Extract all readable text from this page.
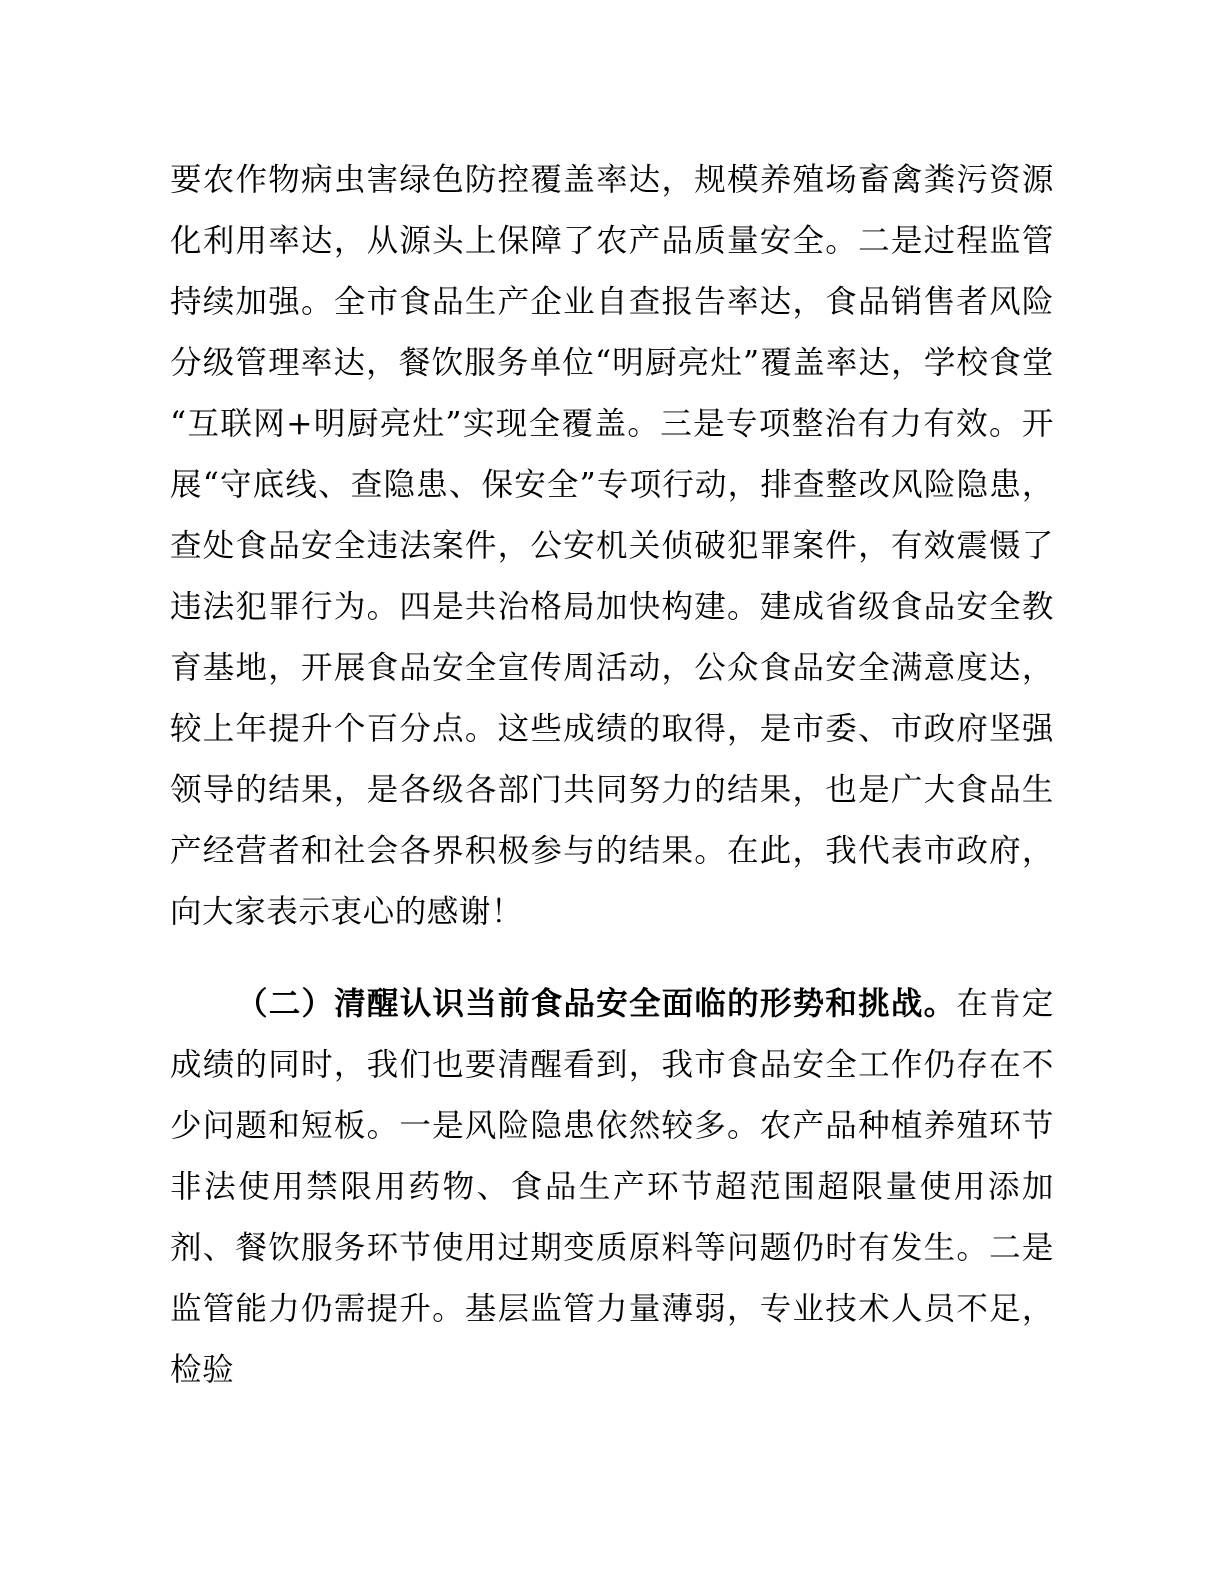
要农作物病虫害绿色防控覆盖率达，规模养殖场畜禽粪污资源化利用率达，从源头上保障了农产品质量安全。二是过程监管持续加强。全市食品生产企业自查报告率达，食品销售者风险分级管理率达，餐饮服务单位“明厨亮灶”覆盖率达，学校食堂“互联网+明厨亮灶”实现全覆盖。三是专项整治有力有效。开展“守底线、查隐患、保安全”专项行动，排查整改风险隐患，查处食品安全违法案件，公安机关侦破犯罪案件，有效震慑了违法犯罪行为。四是共治格局加快构建。建成省级食品安全教育基地，开展食品安全宣传周活动，公众食品安全满意度达，较上年提升个百分点。这些成绩的取得，是市委、市政府坚强领导的结果，是各级各部门共同努力的结果，也是广大食品生产经营者和社会各界积极参与的结果。在此，我代表市政府，向大家表示衷心的感谢！

（二）清醒认识当前食品安全面临的形势和挑战。在肯定成绩的同时，我们也要清醒看到，我市食品安全工作仍存在不少问题和短板。一是风险隐患依然较多。农产品种植养殖环节非法使用禁限用药物、食品生产环节超范围超限量使用添加剂、餐饮服务环节使用过期变质原料等问题仍时有发生。二是监管能力仍需提升。基层监管力量薄弱，专业技术人员不足，检验
